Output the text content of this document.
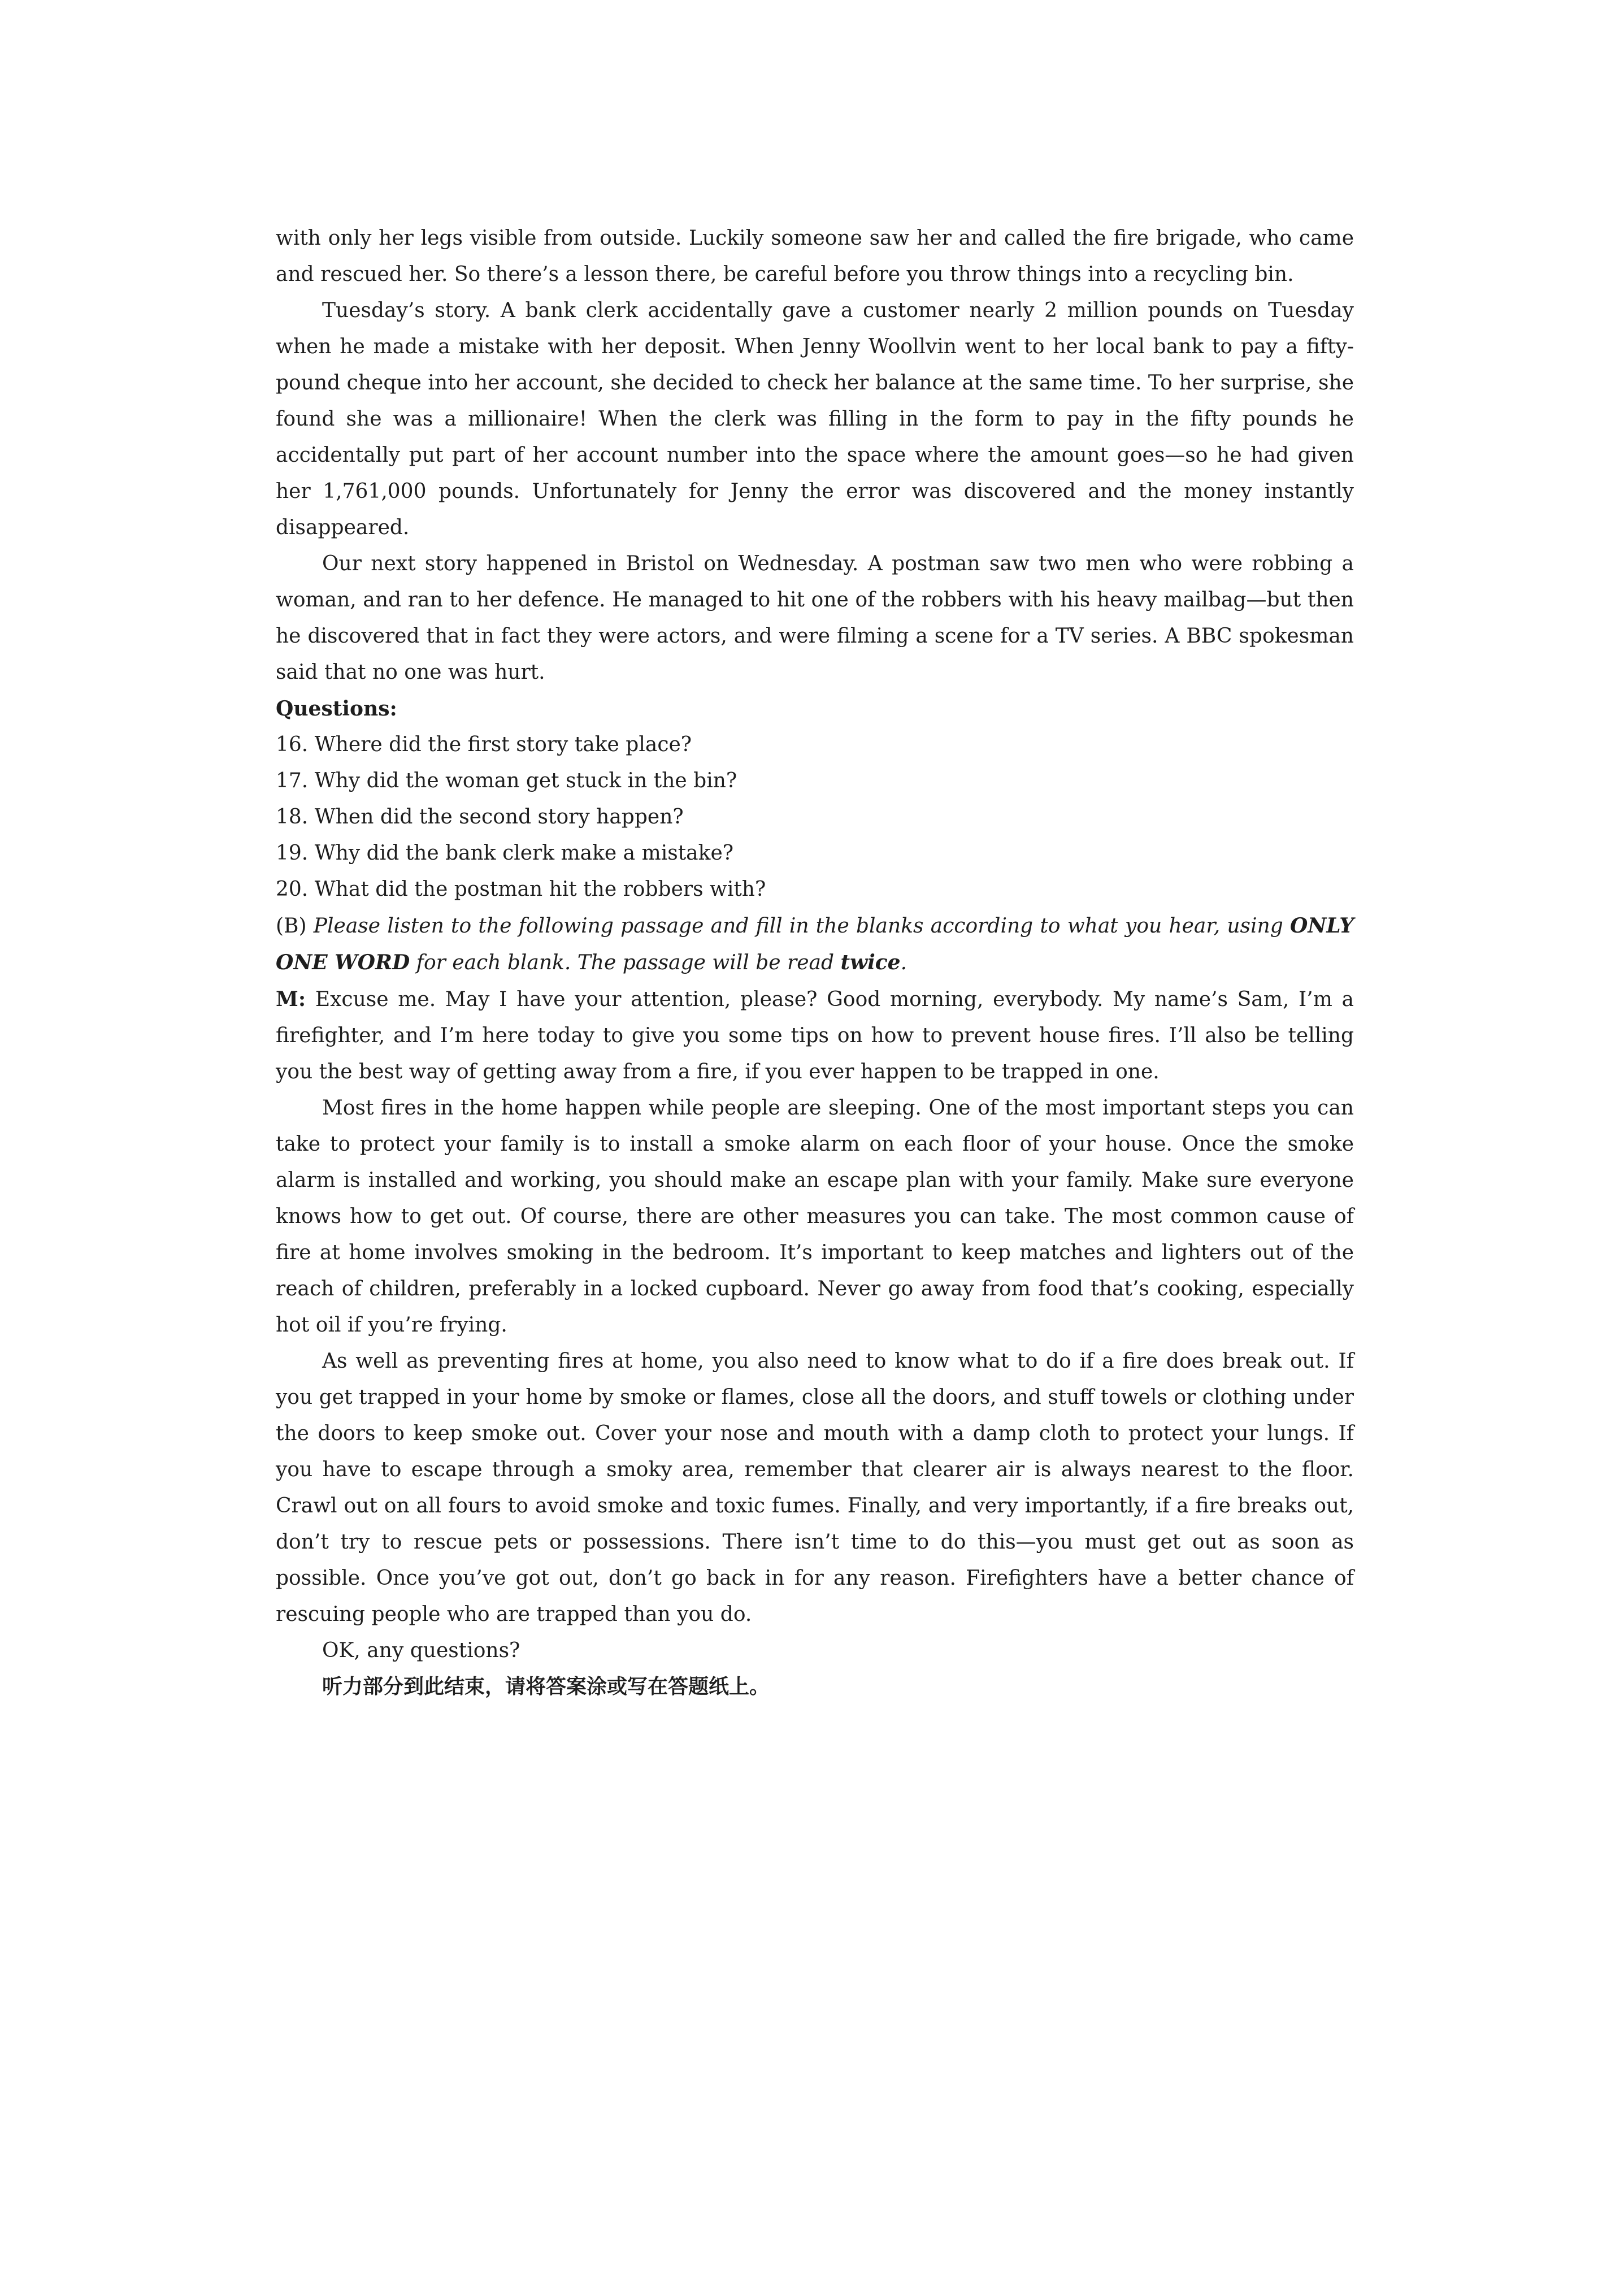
with only her legs visible from outside. Luckily someone saw her and called the fire brigade, who came and rescued her. So there’s a lesson there, be careful before you throw things into a recycling bin.

Tuesday’s story. A bank clerk accidentally gave a customer nearly 2 million pounds on Tuesday when he made a mistake with her deposit. When Jenny Woollvin went to her local bank to pay a fifty-pound cheque into her account, she decided to check her balance at the same time. To her surprise, she found she was a millionaire! When the clerk was filling in the form to pay in the fifty pounds he accidentally put part of her account number into the space where the amount goes—so he had given her 1,761,000 pounds. Unfortunately for Jenny the error was discovered and the money instantly disappeared.

Our next story happened in Bristol on Wednesday. A postman saw two men who were robbing a woman, and ran to her defence. He managed to hit one of the robbers with his heavy mailbag—but then he discovered that in fact they were actors, and were filming a scene for a TV series. A BBC spokesman said that no one was hurt.

Questions:

16. Where did the first story take place?

17. Why did the woman get stuck in the bin?

18. When did the second story happen?

19. Why did the bank clerk make a mistake?

20. What did the postman hit the robbers with?

(B) Please listen to the following passage and fill in the blanks according to what you hear, using ONLY ONE WORD for each blank. The passage will be read twice.

M: Excuse me. May I have your attention, please? Good morning, everybody. My name’s Sam, I’m a firefighter, and I’m here today to give you some tips on how to prevent house fires. I’ll also be telling you the best way of getting away from a fire, if you ever happen to be trapped in one.

Most fires in the home happen while people are sleeping. One of the most important steps you can take to protect your family is to install a smoke alarm on each floor of your house. Once the smoke alarm is installed and working, you should make an escape plan with your family. Make sure everyone knows how to get out. Of course, there are other measures you can take. The most common cause of fire at home involves smoking in the bedroom. It’s important to keep matches and lighters out of the reach of children, preferably in a locked cupboard. Never go away from food that’s cooking, especially hot oil if you’re frying.

As well as preventing fires at home, you also need to know what to do if a fire does break out. If you get trapped in your home by smoke or flames, close all the doors, and stuff towels or clothing under the doors to keep smoke out. Cover your nose and mouth with a damp cloth to protect your lungs. If you have to escape through a smoky area, remember that clearer air is always nearest to the floor. Crawl out on all fours to avoid smoke and toxic fumes. Finally, and very importantly, if a fire breaks out, don’t try to rescue pets or possessions. There isn’t time to do this—you must get out as soon as possible. Once you’ve got out, don’t go back in for any reason. Firefighters have a better chance of rescuing people who are trapped than you do.

OK, any questions?

听力部分到此结束，请将答案涂或写在答题纸上。
